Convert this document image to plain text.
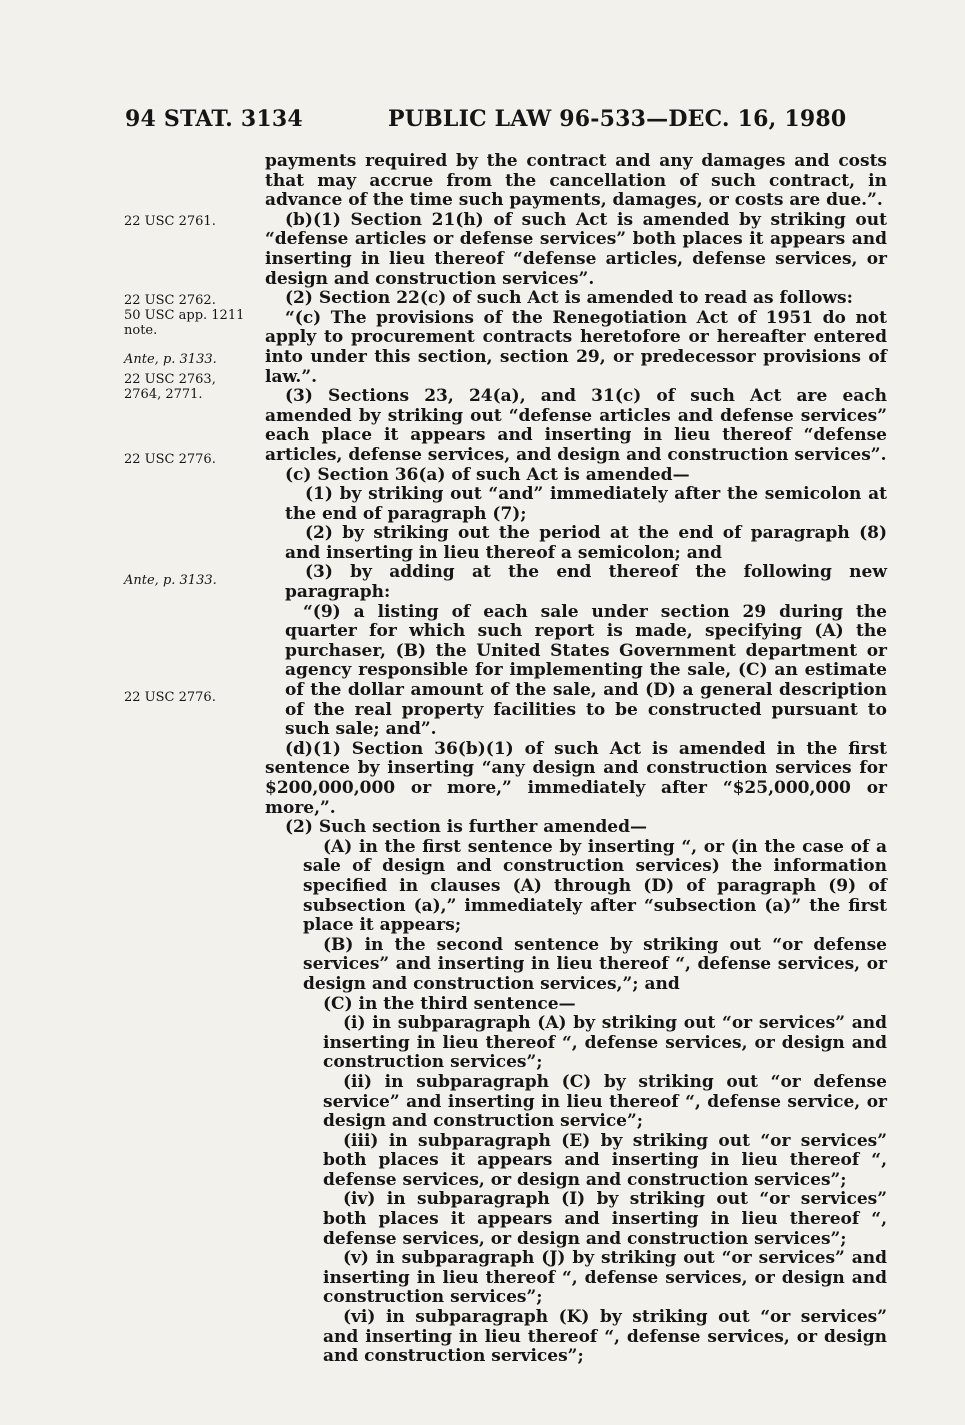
94 STAT. 3134	PUBLIC LAW 96-533—DEC. 16, 1980
22 USC 2761.
22 USC 2762.
50 USC app. 1211
note.
Ante, p. 3133.
22 USC 2763,
2764, 2771.
22 USC 2776.
Ante, p. 3133.
22 USC 2776.

payments required by the contract and any damages and costs that may accrue from the cancellation of such contract, in advance of the time such payments, damages, or costs are due.”.

(b)(1) Section 21(h) of such Act is amended by striking out “defense articles or defense services” both places it appears and inserting in lieu thereof “defense articles, defense services, or design and construction services”.

(2) Section 22(c) of such Act is amended to read as follows:

“(c) The provisions of the Renegotiation Act of 1951 do not apply to procurement contracts heretofore or hereafter entered into under this section, section 29, or predecessor provisions of law.”.

(3) Sections 23, 24(a), and 31(c) of such Act are each amended by striking out “defense articles and defense services” each place it appears and inserting in lieu thereof “defense articles, defense services, and design and construction services”.

(c) Section 36(a) of such Act is amended—

(1) by striking out “and” immediately after the semicolon at the end of paragraph (7);

(2) by striking out the period at the end of paragraph (8) and inserting in lieu thereof a semicolon; and

(3) by adding at the end thereof the following new paragraph:

“(9) a listing of each sale under section 29 during the quarter for which such report is made, specifying (A) the purchaser, (B) the United States Government department or agency responsible for implementing the sale, (C) an estimate of the dollar amount of the sale, and (D) a general description of the real property facilities to be constructed pursuant to such sale; and”.

(d)(1) Section 36(b)(1) of such Act is amended in the first sentence by inserting “any design and construction services for $200,000,000 or more,” immediately after “$25,000,000 or more,”.

(2) Such section is further amended—

(A) in the first sentence by inserting “, or (in the case of a sale of design and construction services) the information specified in clauses (A) through (D) of paragraph (9) of subsection (a),” immediately after “subsection (a)” the first place it appears;

(B) in the second sentence by striking out “or defense services” and inserting in lieu thereof “, defense services, or design and construction services,”; and

(C) in the third sentence—

(i) in subparagraph (A) by striking out “or services” and inserting in lieu thereof “, defense services, or design and construction services”;

(ii) in subparagraph (C) by striking out “or defense service” and inserting in lieu thereof “, defense service, or design and construction service”;

(iii) in subparagraph (E) by striking out “or services” both places it appears and inserting in lieu thereof “, defense services, or design and construction services”;

(iv) in subparagraph (I) by striking out “or services” both places it appears and inserting in lieu thereof “, defense services, or design and construction services”;

(v) in subparagraph (J) by striking out “or services” and inserting in lieu thereof “, defense services, or design and construction services”;

(vi) in subparagraph (K) by striking out “or services” and inserting in lieu thereof “, defense services, or design and construction services”;
